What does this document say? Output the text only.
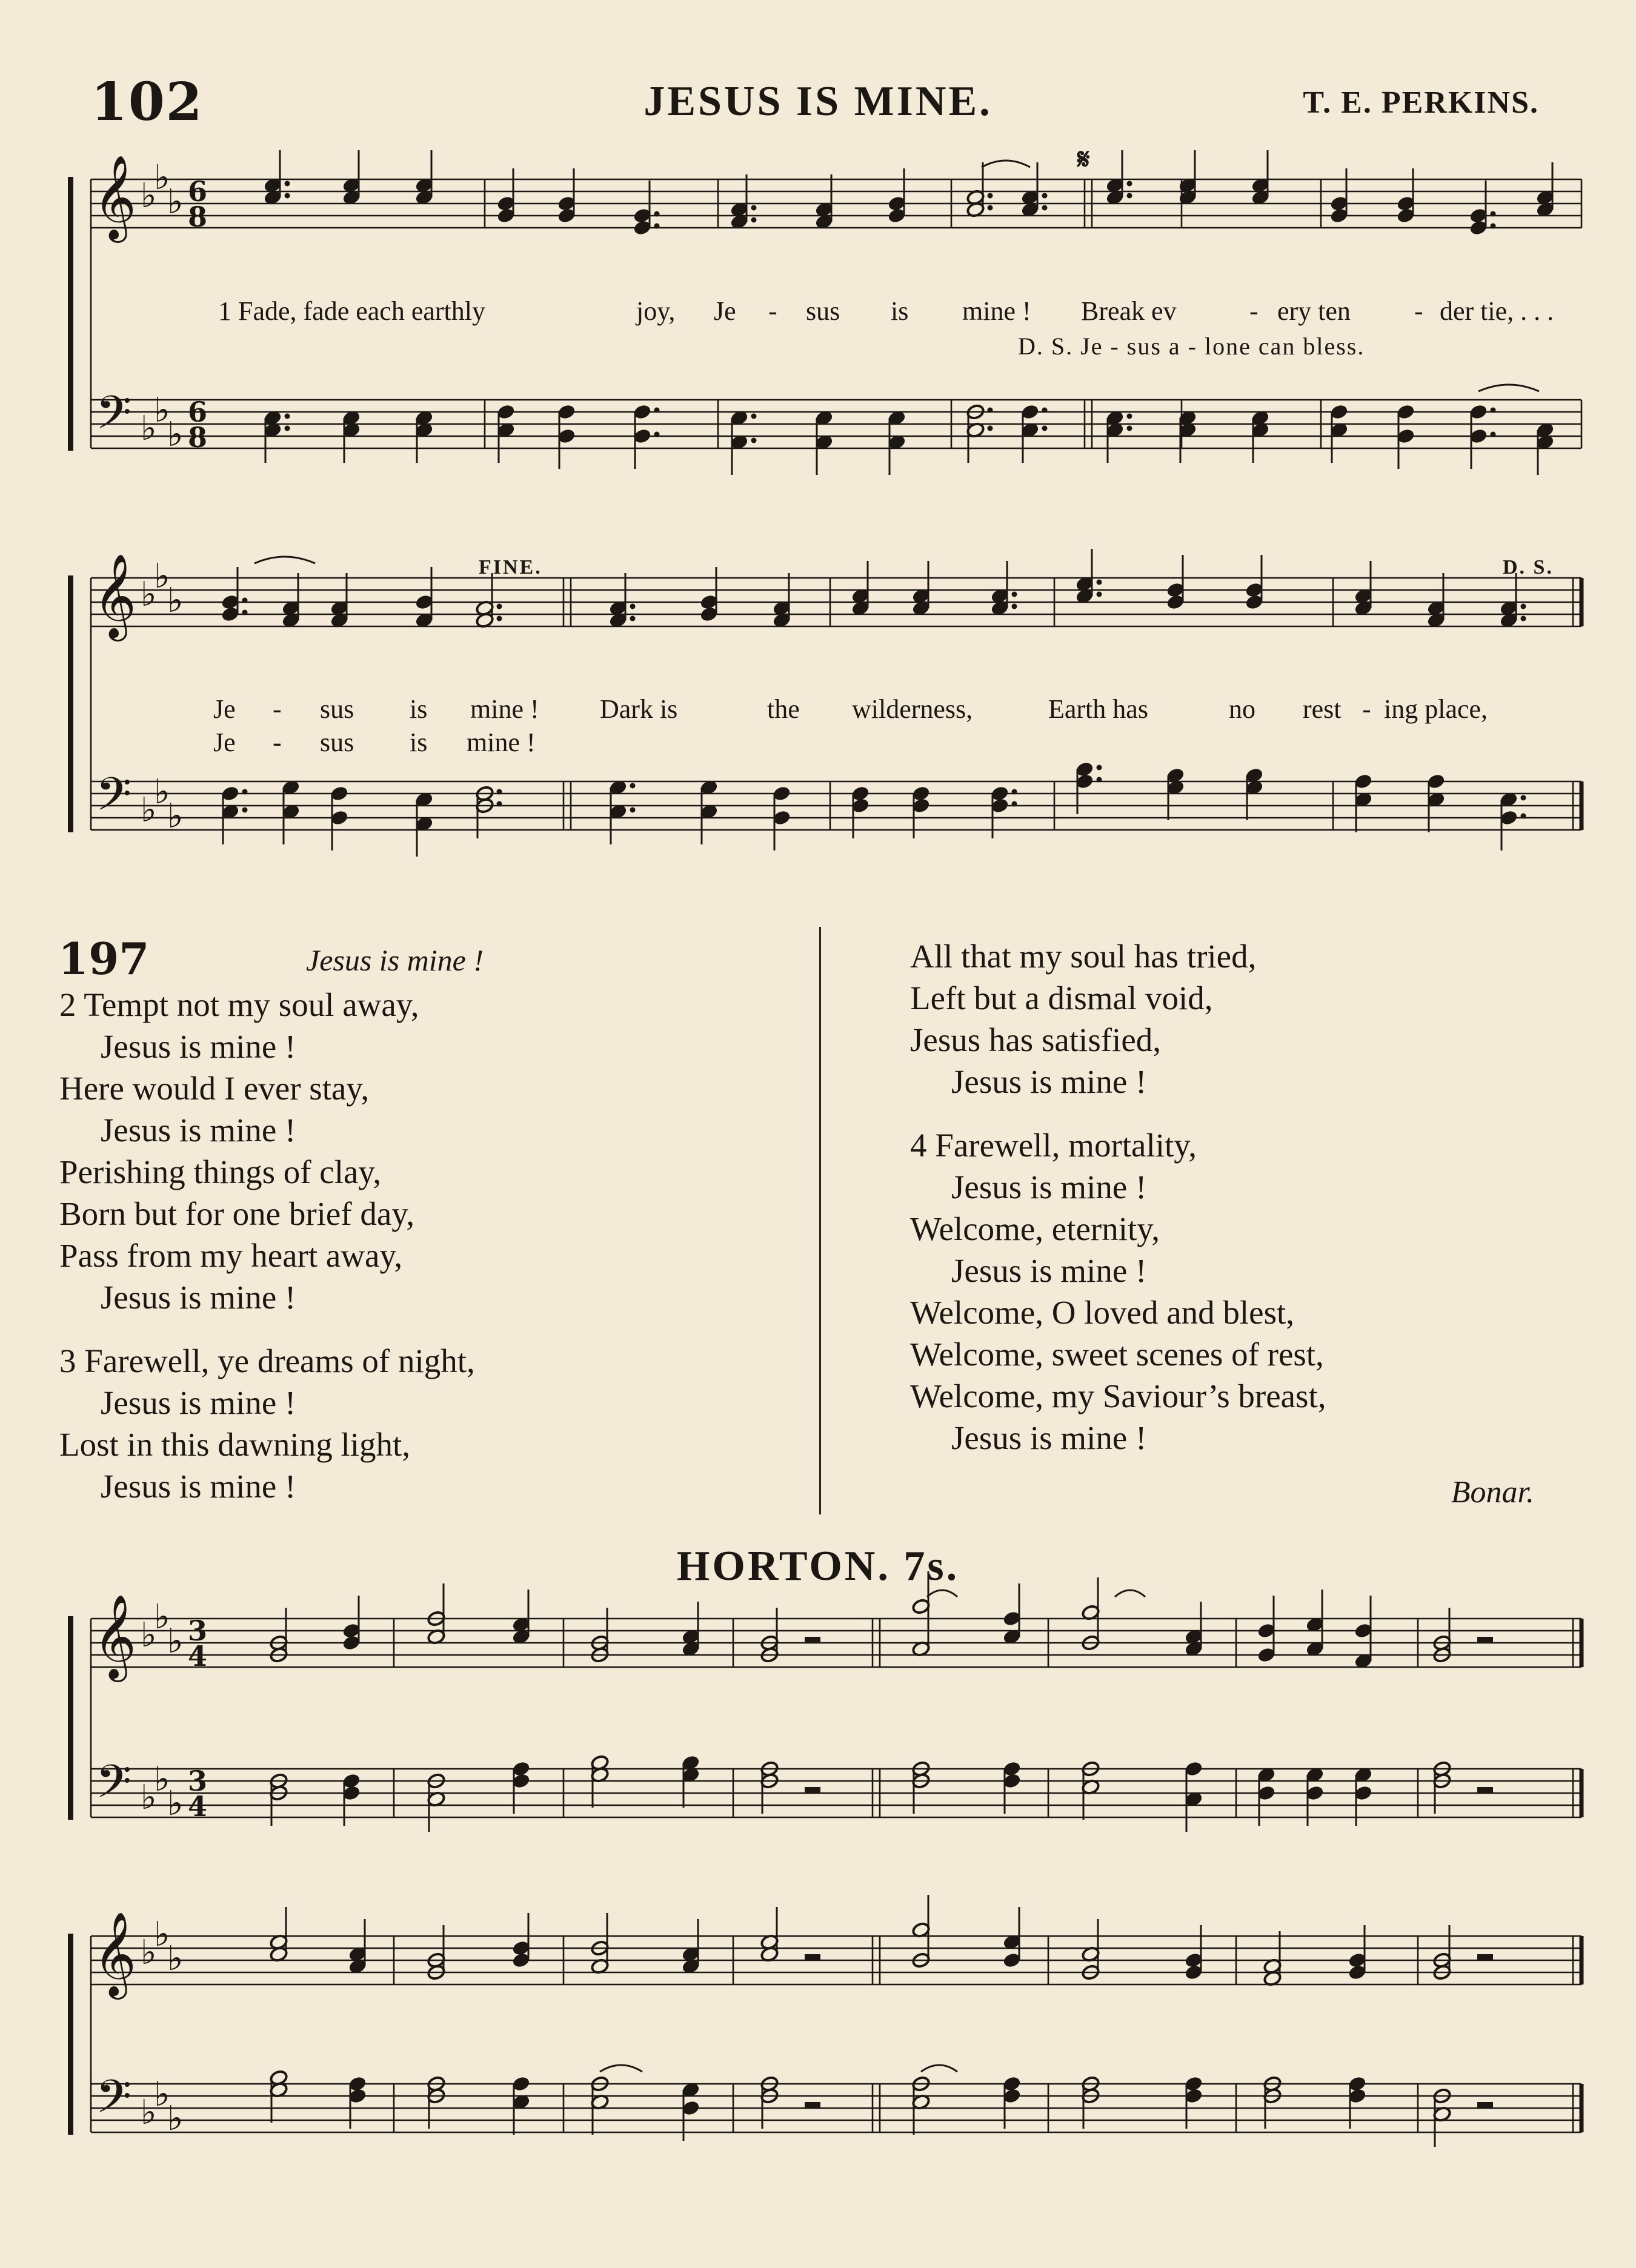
102	JESUS IS MINE.	T. E. PERKINS.
𝄞
𝄢
♭
♭
♭
♭
♭
♭
6
8
6
8
𝄞
𝄢
♭
♭
♭
♭
♭
♭
𝄞
𝄢
♭
♭
♭
♭
♭
♭
3
4
3
4
𝄞
𝄢
♭
♭
♭
♭
♭
♭
1 Fade, fade each earthly	joy, Je - sus is mine ! Break ev	- ery ten - der tie, . . .
D. S. Je - sus a - lone can bless.
Je - sus is mine ! Dark is	the wilderness,	Earth has	no rest - ing place,
Je - sus is mine !
𝄋
FINE.	D. S.
197	Jesus is mine !
2 Tempt not my soul away,
Jesus is mine !
Here would I ever stay,
Jesus is mine !
Perishing things of clay,
Born but for one brief day,
Pass from my heart away,
Jesus is mine !
3 Farewell, ye dreams of night,
Jesus is mine !
Lost in this dawning light,
Jesus is mine !
All that my soul has tried,
Left but a dismal void,
Jesus has satisfied,
Jesus is mine !
4 Farewell, mortality,
Jesus is mine !
Welcome, eternity,
Jesus is mine !
Welcome, O loved and blest,
Welcome, sweet scenes of rest,
Welcome, my Saviour’s breast,
Jesus is mine !
Bonar.
HORTON. 7s.
